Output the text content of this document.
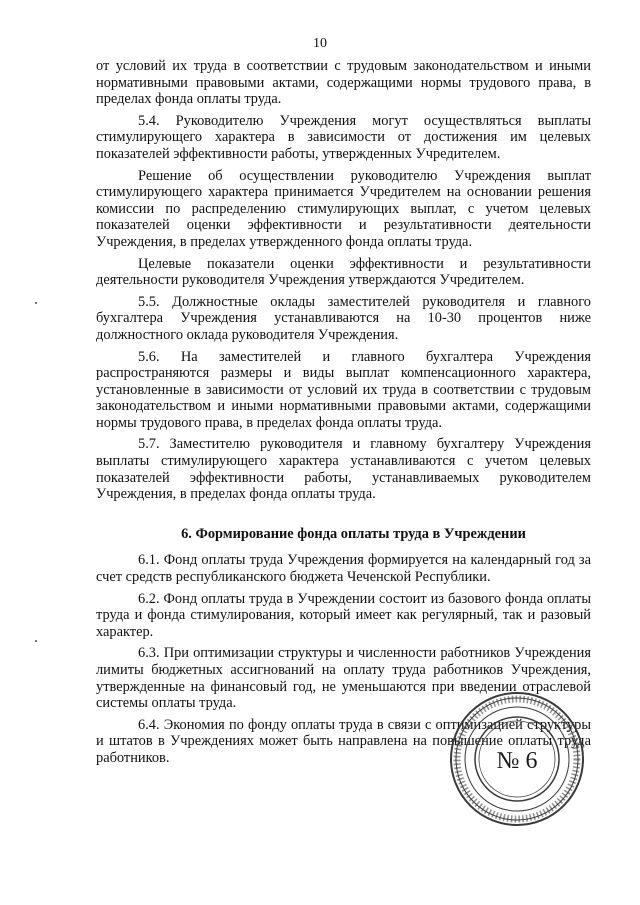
10

от условий их труда в соответствии с трудовым законодательством и иными нормативными правовыми актами, содержащими нормы трудового права, в пределах фонда оплаты труда.

5.4. Руководителю Учреждения могут осуществляться выплаты стимулирующего характера в зависимости от достижения им целевых показателей эффективности работы, утвержденных Учредителем.

Решение об осуществлении руководителю Учреждения выплат стимулирующего характера принимается Учредителем на основании решения комиссии по распределению стимулирующих выплат, с учетом целевых показателей оценки эффективности и результативности деятельности Учреждения, в пределах утвержденного фонда оплаты труда.

Целевые показатели оценки эффективности и результативности деятельности руководителя Учреждения утверждаются Учредителем.

5.5. Должностные оклады заместителей руководителя и главного бухгалтера Учреждения устанавливаются на 10-30 процентов ниже должностного оклада руководителя Учреждения.

5.6. На заместителей и главного бухгалтера Учреждения распространяются размеры и виды выплат компенсационного характера, установленные в зависимости от условий их труда в соответствии с трудовым законодательством и иными нормативными правовыми актами, содержащими нормы трудового права, в пределах фонда оплаты труда.

5.7. Заместителю руководителя и главному бухгалтеру Учреждения выплаты стимулирующего характера устанавливаются с учетом целевых показателей эффективности работы, устанавливаемых руководителем Учреждения, в пределах фонда оплаты труда.

6. Формирование фонда оплаты труда в Учреждении

6.1. Фонд оплаты труда Учреждения формируется на календарный год за счет средств республиканского бюджета Чеченской Республики.

6.2. Фонд оплаты труда в Учреждении состоит из базового фонда оплаты труда и фонда стимулирования, который имеет как регулярный, так и разовый характер.

6.3. При оптимизации структуры и численности работников Учреждения лимиты бюджетных ассигнований на оплату труда работников Учреждения, утвержденные на финансовый год, не уменьшаются при введении отраслевой системы оплаты труда.

6.4. Экономия по фонду оплаты труда в связи с оптимизацией структуры и штатов в Учреждениях может быть направлена на повышение оплаты труда работников.	№ 6
